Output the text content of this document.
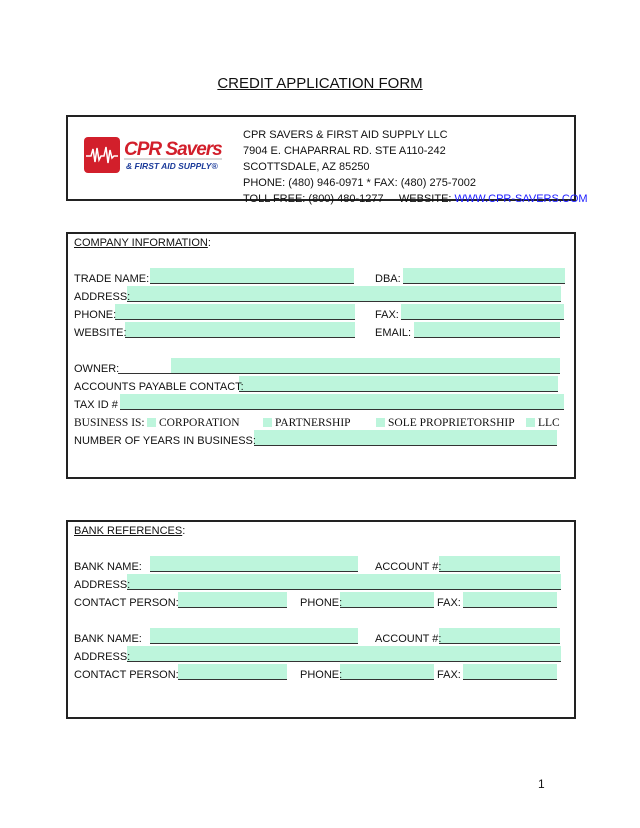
CREDIT APPLICATION FORM
CPR Savers
& FIRST AID SUPPLY®
CPR SAVERS & FIRST AID SUPPLY LLC
7904 E. CHAPARRAL RD. STE A110-242
SCOTTSDALE, AZ 85250
PHONE: (480) 946-0971 * FAX: (480) 275-7002
TOLL FREE: (800) 480-1277     WEBSITE: WWW.CPR-SAVERS.COM
COMPANY INFORMATION:
TRADE NAME:	DBA:
ADDRESS:
PHONE:	FAX:
WEBSITE:	EMAIL:
OWNER:
ACCOUNTS PAYABLE CONTACT:
TAX ID #
BUSINESS IS:	CORPORATION	PARTNERSHIP	SOLE PROPRIETORSHIP	LLC
NUMBER OF YEARS IN BUSINESS:
BANK REFERENCES:
BANK NAME:	ACCOUNT #:
ADDRESS:
CONTACT PERSON:	PHONE:	FAX:
BANK NAME:	ACCOUNT #:
ADDRESS:
CONTACT PERSON:	PHONE:	FAX:
1
